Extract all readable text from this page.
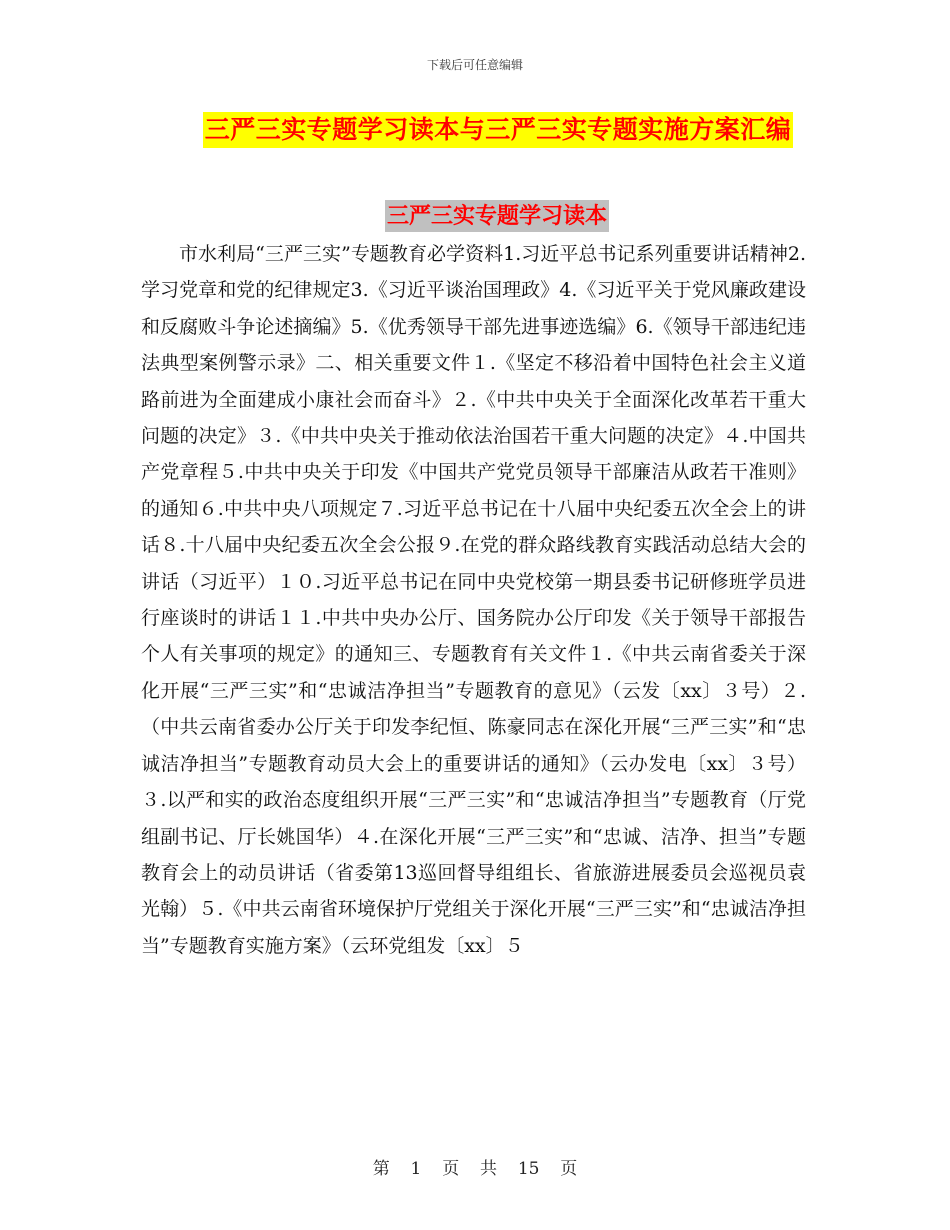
下载后可任意编辑
三严三实专题学习读本与三严三实专题实施方案汇编
三严三实专题学习读本

市水利局“三严三实”专题教育必学资料1.习近平总书记系列重要讲话精神2.学习党章和党的纪律规定3.《习近平谈治国理政》4.《习近平关于党风廉政建设和反腐败斗争论述摘编》5.《优秀领导干部先进事迹选编》6.《领导干部违纪违法典型案例警示录》二、相关重要文件１.《坚定不移沿着中国特色社会主义道路前进为全面建成小康社会而奋斗》２.《中共中央关于全面深化改革若干重大问题的决定》３.《中共中央关于推动依法治国若干重大问题的决定》４.中国共产党章程５.中共中央关于印发《中国共产党党员领导干部廉洁从政若干准则》的通知６.中共中央八项规定７.习近平总书记在十八届中央纪委五次全会上的讲话８.十八届中央纪委五次全会公报９.在党的群众路线教育实践活动总结大会的讲话（习近平）１０.习近平总书记在同中央党校第一期县委书记研修班学员进行座谈时的讲话１１.中共中央办公厅、国务院办公厅印发《关于领导干部报告个人有关事项的规定》的通知三、专题教育有关文件１.《中共云南省委关于深化开展“三严三实”和“忠诚洁净担当”专题教育的意见》（云发〔xx〕３号）２.（中共云南省委办公厅关于印发李纪恒、陈豪同志在深化开展“三严三实”和“忠诚洁净担当”专题教育动员大会上的重要讲话的通知》（云办发电〔xx〕３号）３.以严和实的政治态度组织开展“三严三实”和“忠诚洁净担当”专题教育（厅党组副书记、厅长姚国华）４.在深化开展“三严三实”和“忠诚、洁净、担当”专题教育会上的动员讲话（省委第13巡回督导组组长、省旅游进展委员会巡视员袁光翰）５.《中共云南省环境保护厅党组关于深化开展“三严三实”和“忠诚洁净担当”专题教育实施方案》（云环党组发〔xx〕５

第 1 页 共 15 页
